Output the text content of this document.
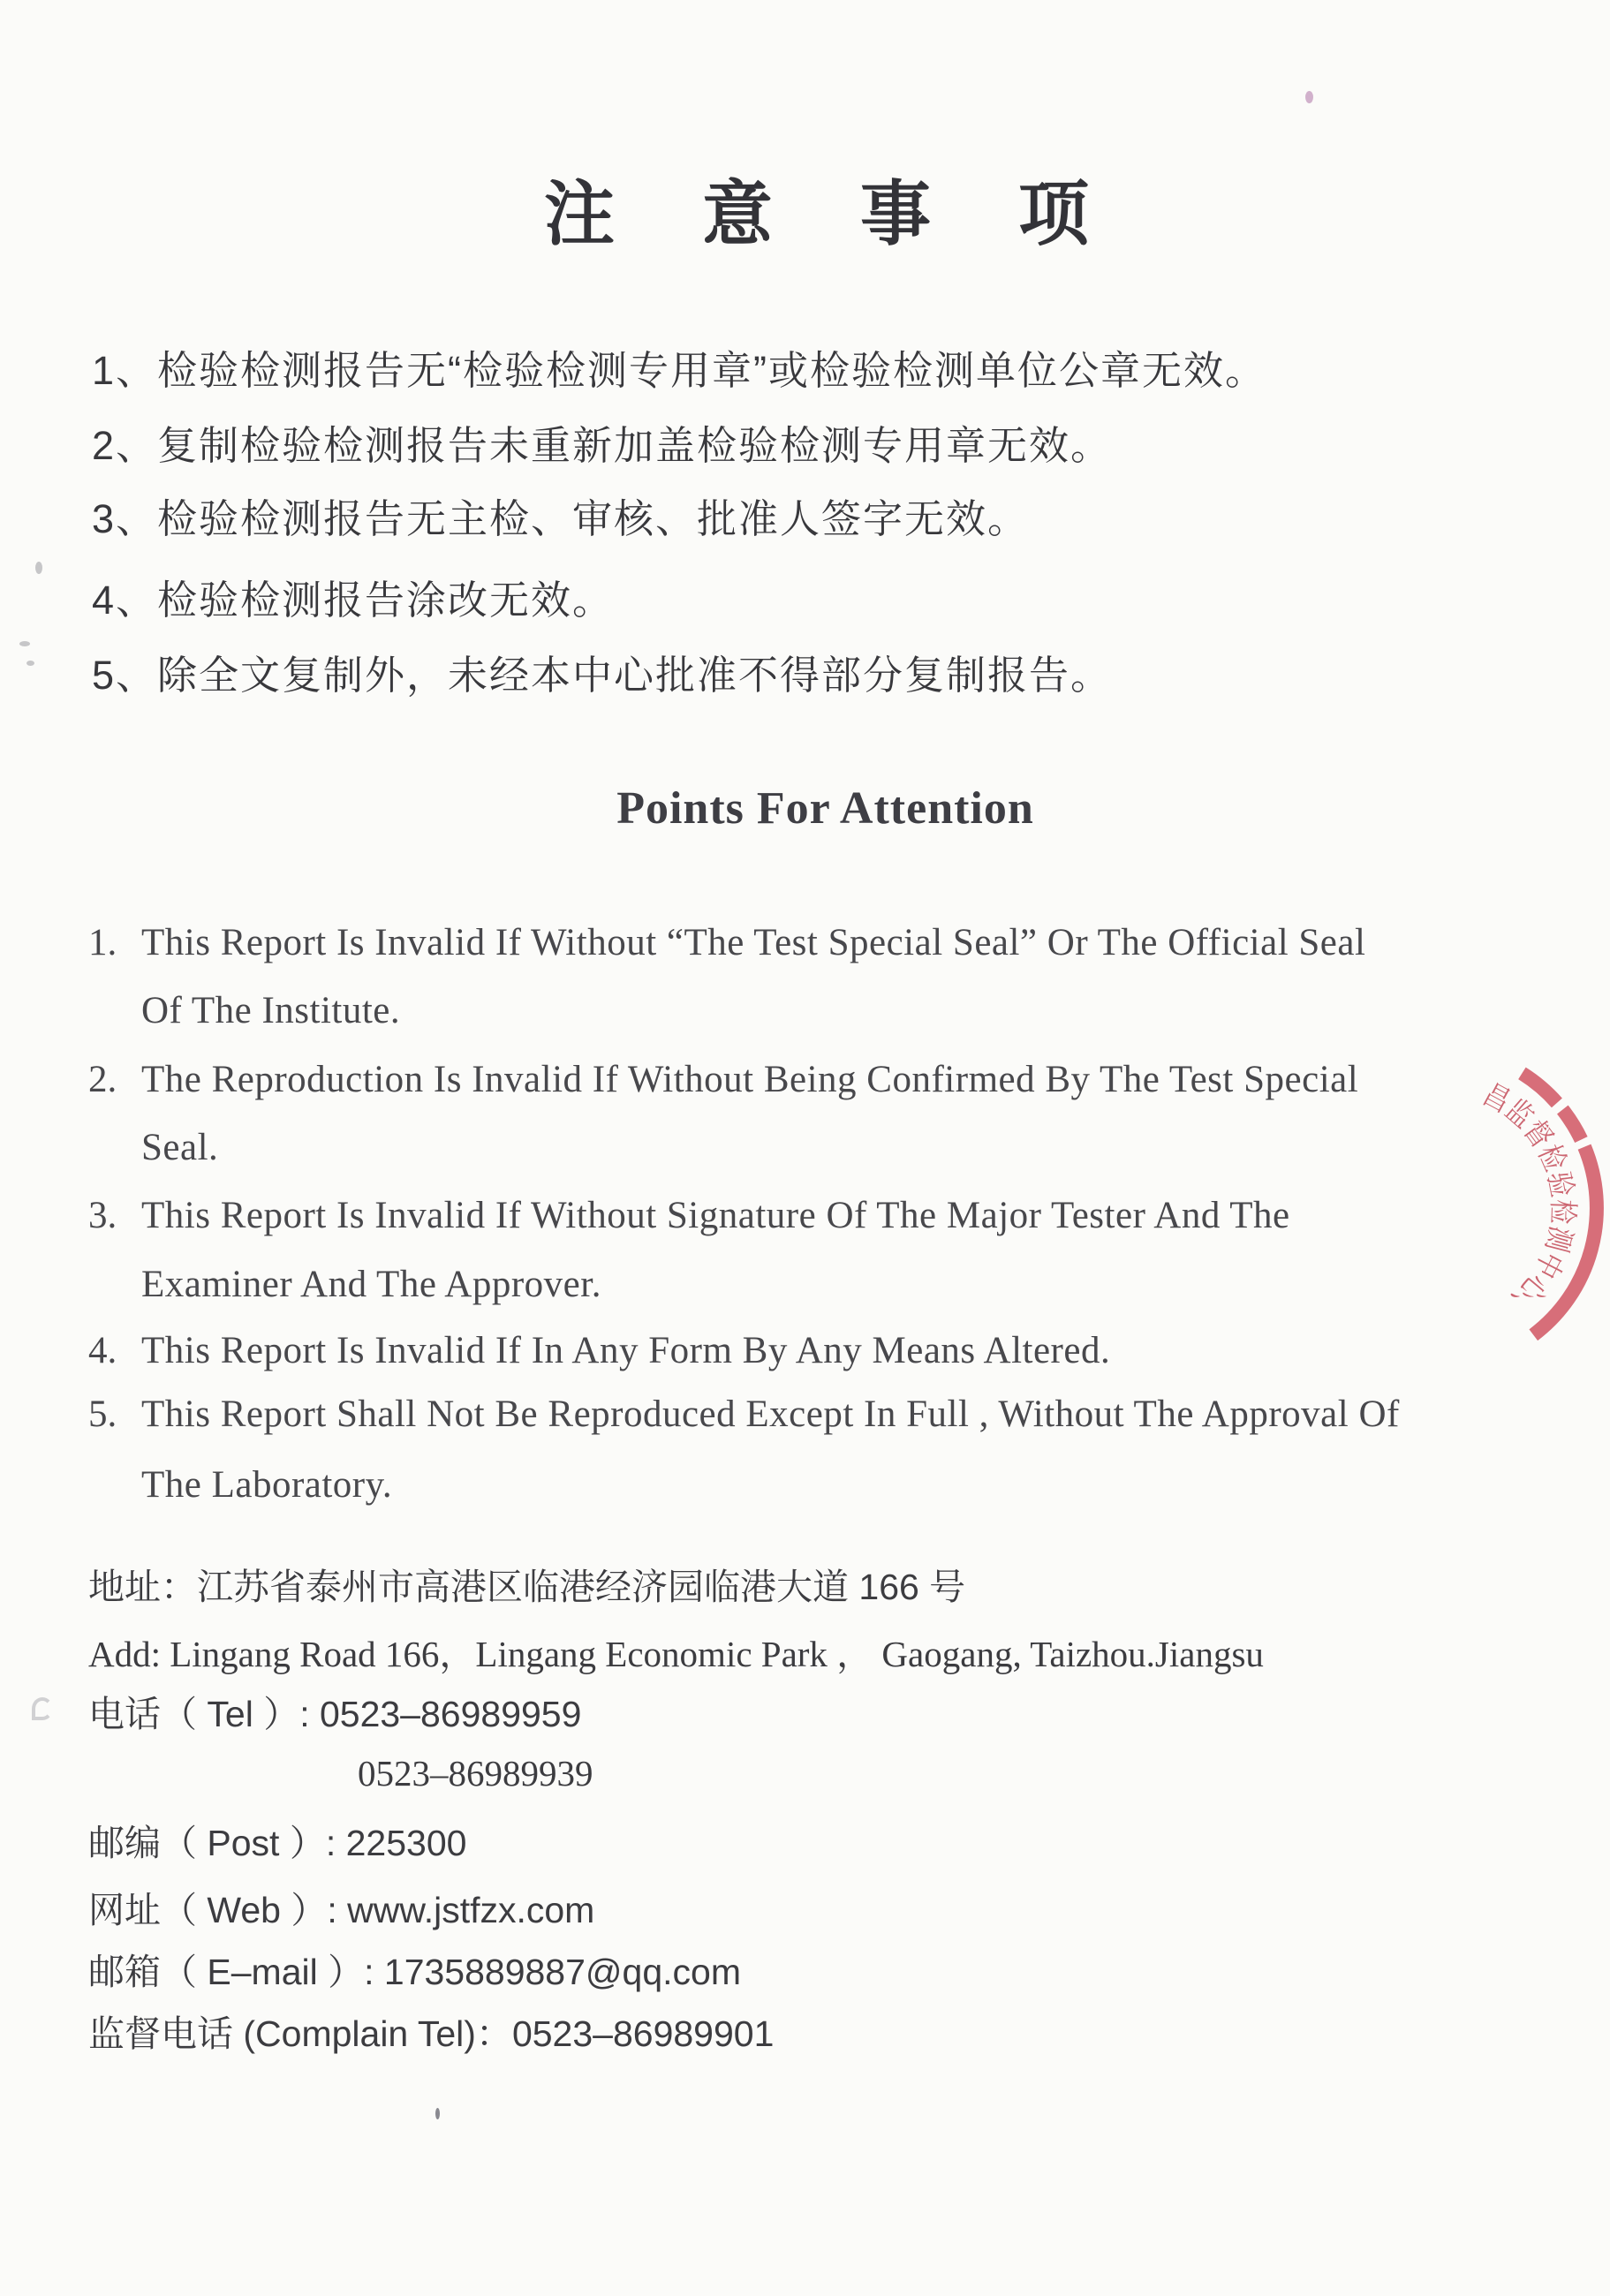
注意事项
1、检验检测报告无“检验检测专用章”或检验检测单位公章无效。
2、复制检验检测报告未重新加盖检验检测专用章无效。
3、检验检测报告无主检、审核、批准人签字无效。
4、检验检测报告涂改无效。
5、除全文复制外，未经本中心批准不得部分复制报告。
Points For Attention
1. This Report Is Invalid If Without “The Test Special Seal” Or The Official Seal
Of The Institute.
2. The Reproduction Is Invalid If Without Being Confirmed By The Test Special
Seal.
3. This Report Is Invalid If Without Signature Of The Major Tester And The
Examiner And The Approver.
4. This Report Is Invalid If In Any Form By Any Means Altered.
5. This Report Shall Not Be Reproduced Except In Full , Without The Approval Of
The Laboratory.
地址：江苏省泰州市高港区临港经济园临港大道 166 号
Add: Lingang Road 166，Lingang Economic Park ， Gaogang, Taizhou.Jiangsu
电话（ Tel ）: 0523–86989959
0523–86989939
邮编（ Post ）: 225300
网址（ Web ）: www.jstfzx.com
邮箱（ E–mail ）: 1735889887@qq.com
监督电话 (Complain Tel)：0523–86989901
昌监督检验检测中心、
